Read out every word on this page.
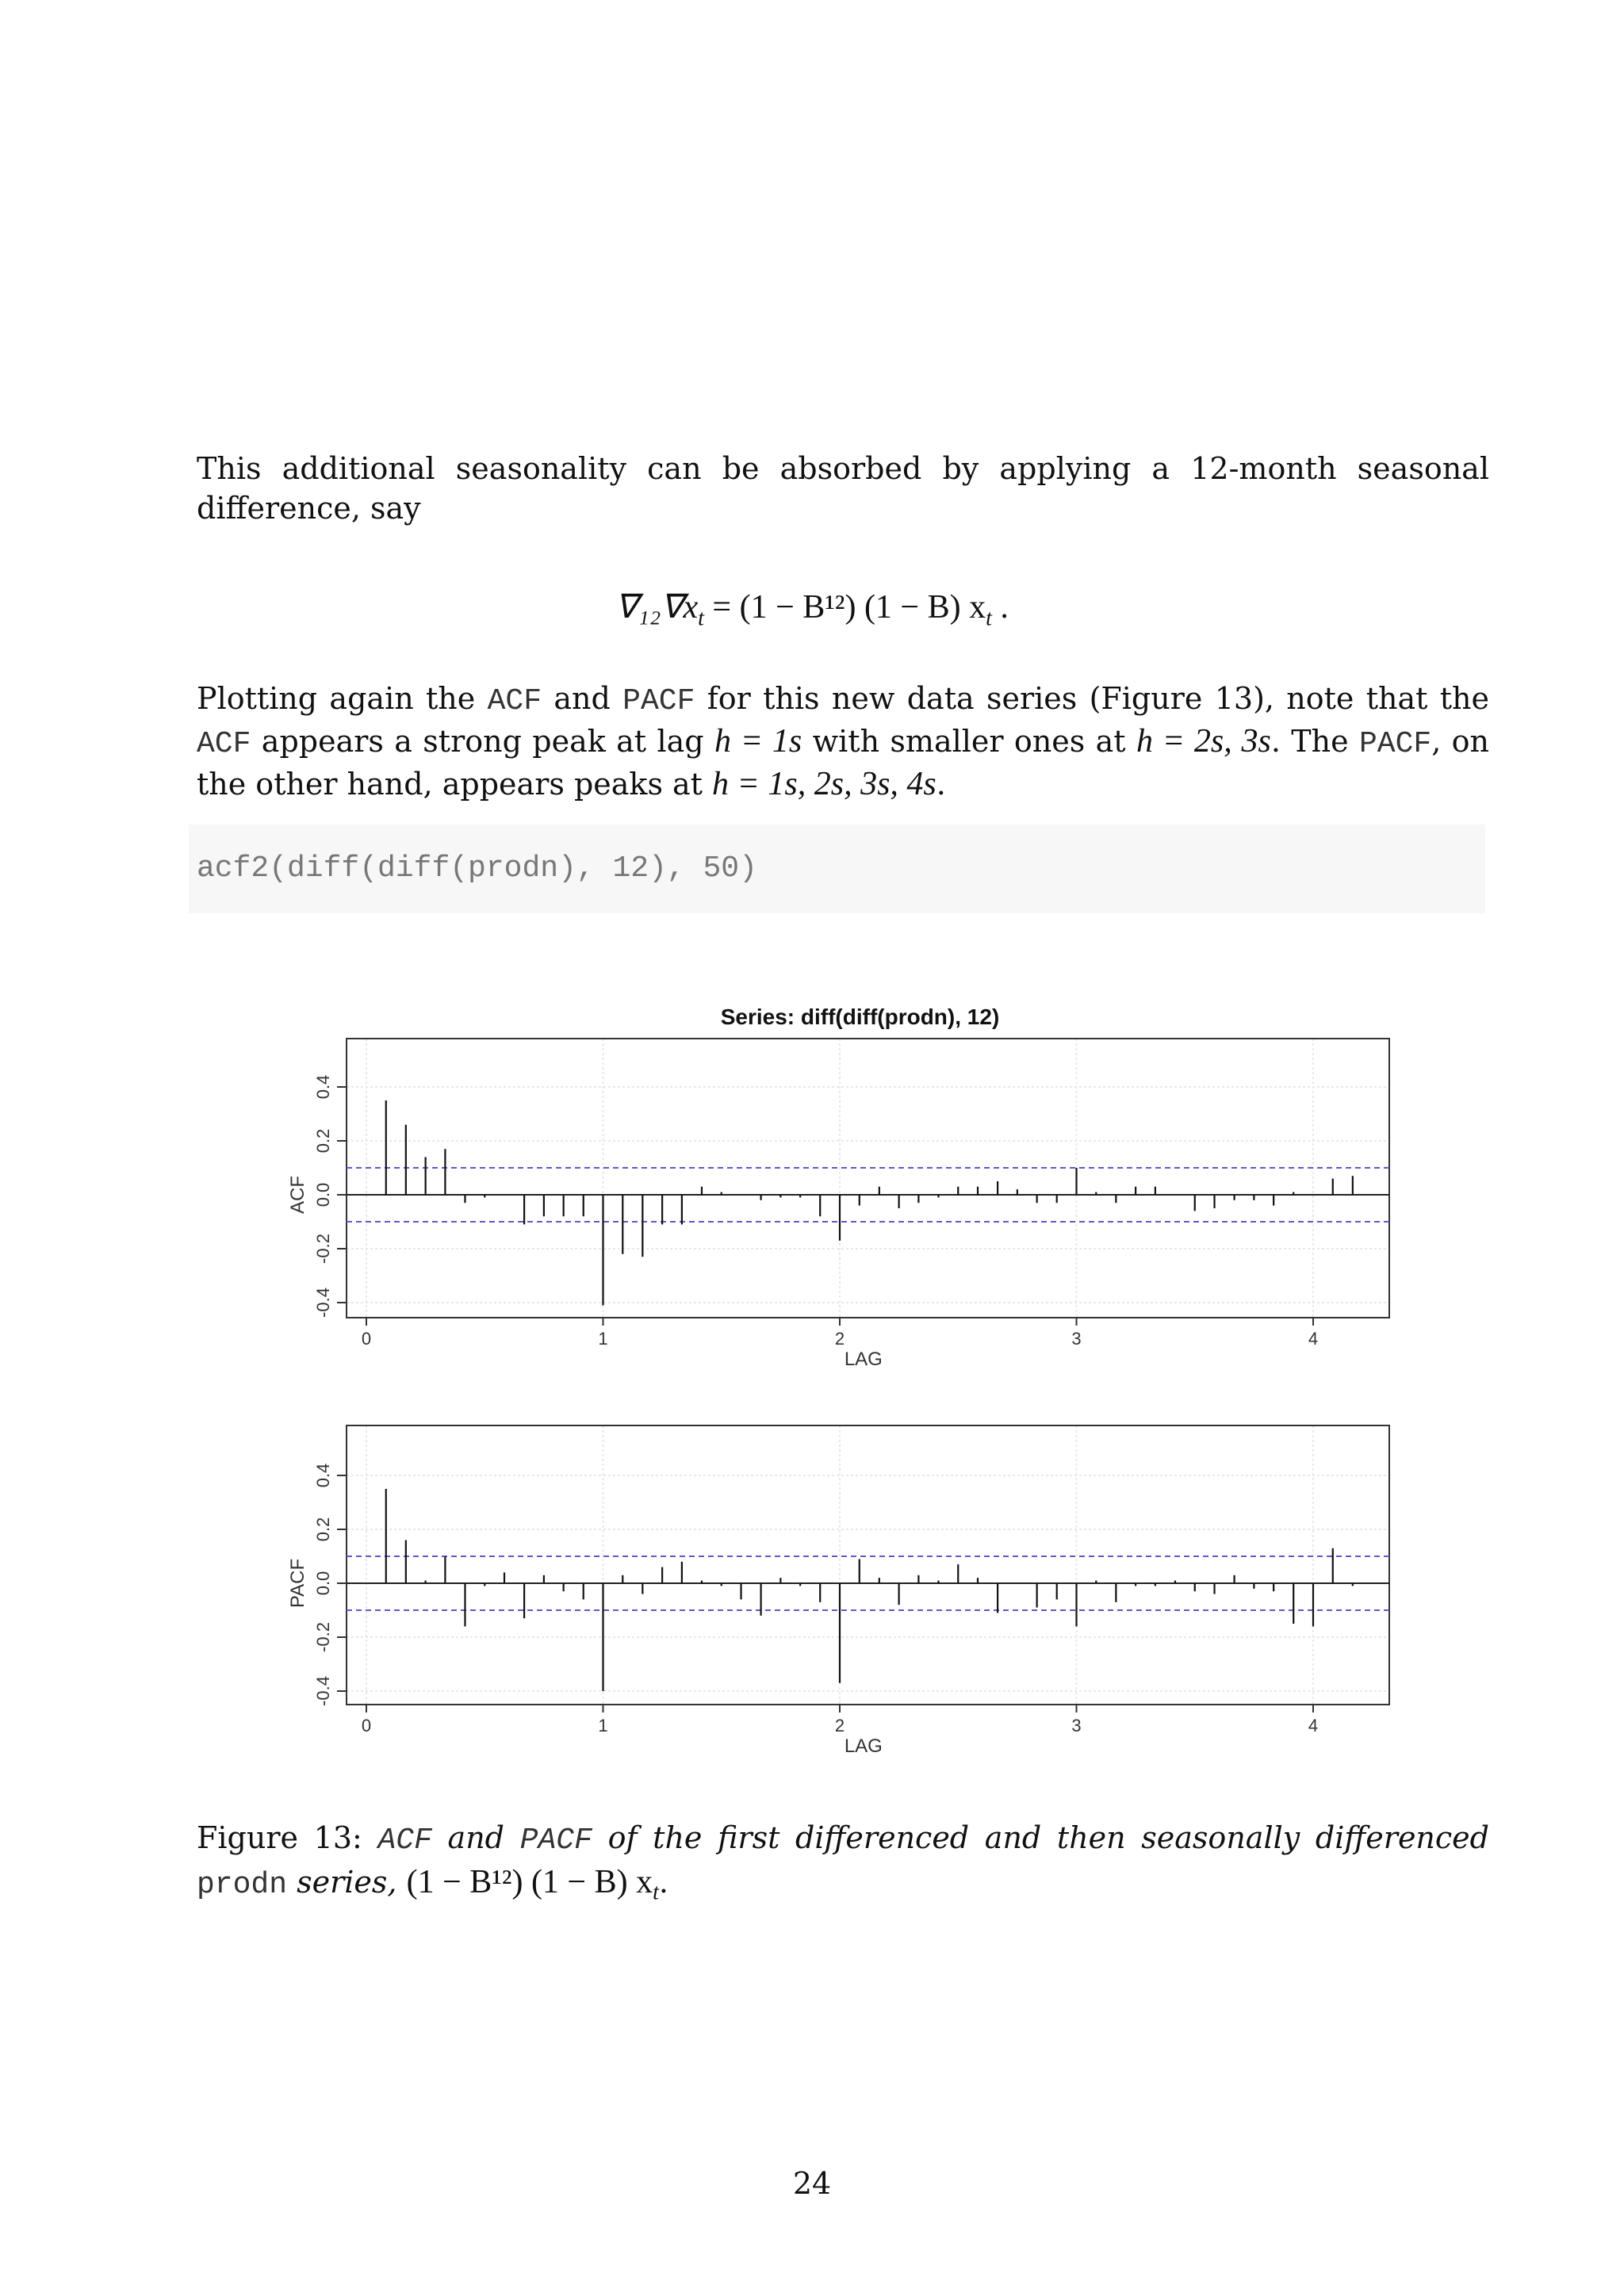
This additional seasonality can be absorbed by applying a 12-month seasonal difference, say

$\nabla_{12}\nabla x_t = (1 - B^{12}) (1 - B)$ $x_t$ .

Plotting again the ACF and PACF for this new data series (Figure 13), note that the ACF appears a strong peak at lag h = 1s with smaller ones at h = 2s, 3s. The PACF, on the other hand, appears peaks at h = 1s, 2s, 3s, 4s.

acf2(diff(diff(prodn), 12), 50)
-0.4
-0.2
0.0
0.2
0.4
0	1	2	3	4
LAG
ACF
Series: diff(diff(prodn), 12)
-0.4
-0.2
0.0
0.2
0.4
0	1	2	3	4
LAG
PACF

Figure 13: ACF and PACF of the first differenced and then seasonally differenced prodn series, (1 − B¹²) (1 − B) $x_t$.

24
